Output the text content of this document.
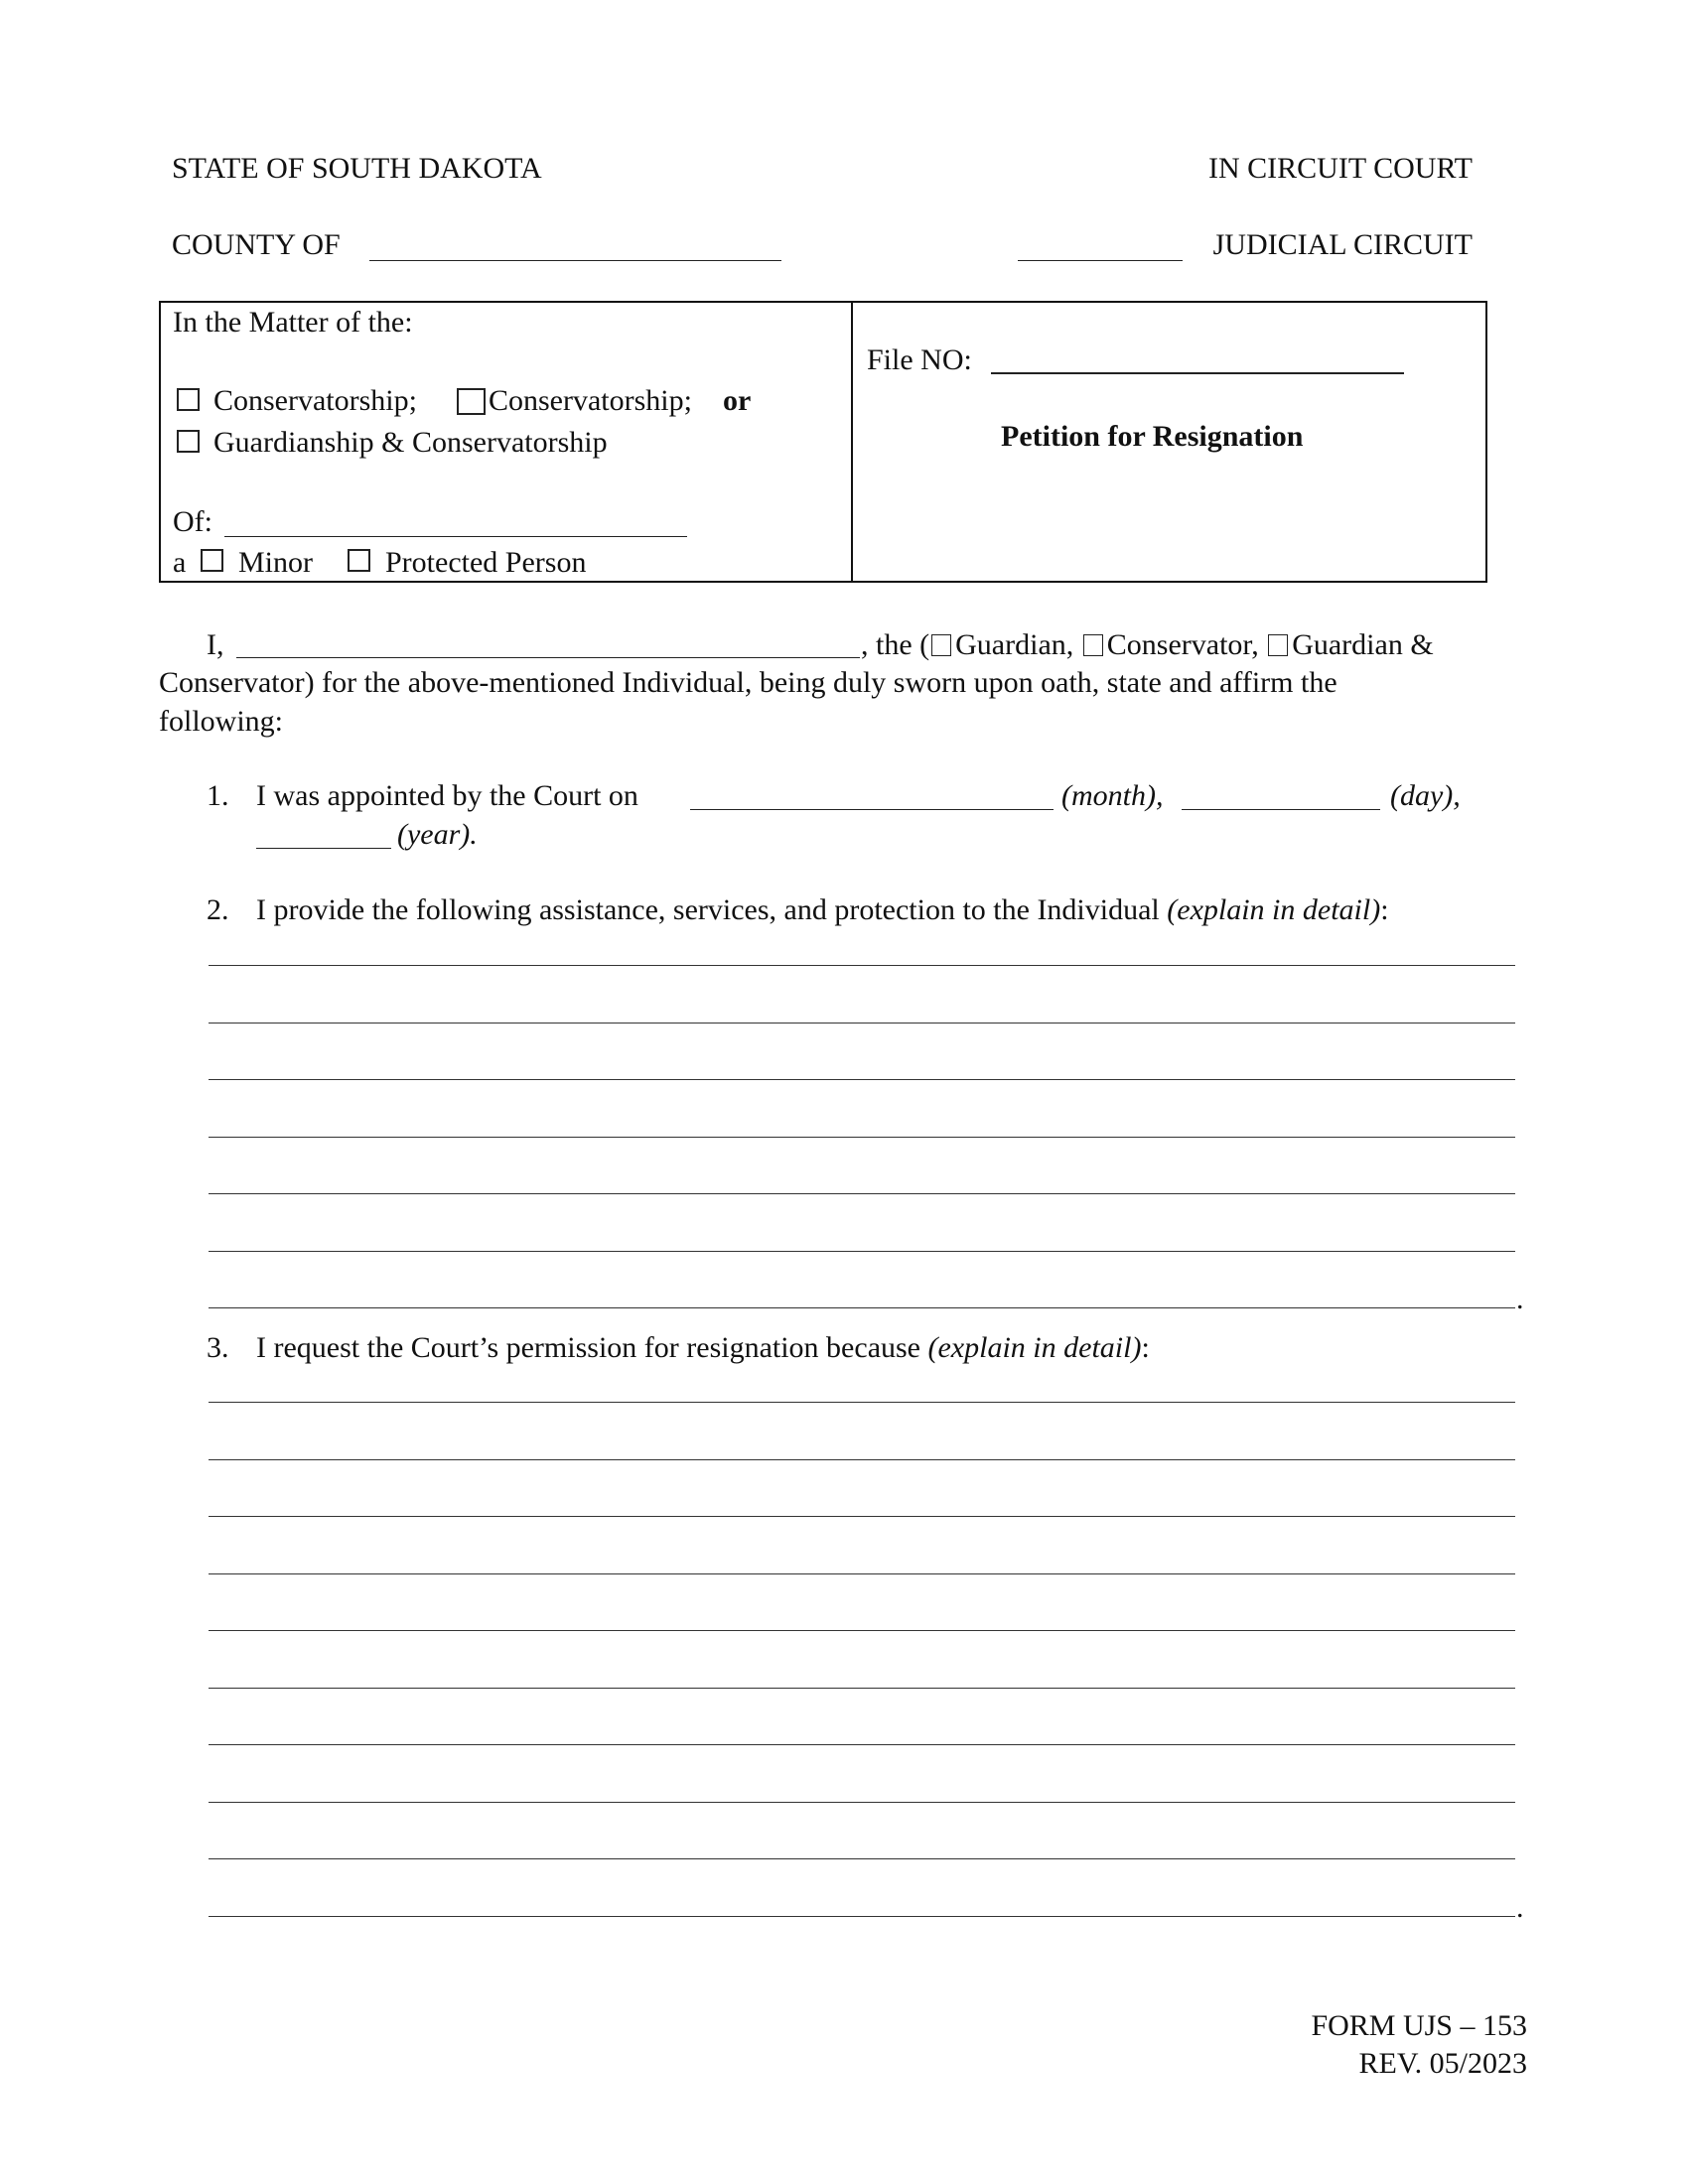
STATE OF SOUTH DAKOTA	IN CIRCUIT COURT
COUNTY OF	JUDICIAL CIRCUIT
In the Matter of the:
Conservatorship; Conservatorship; or
Guardianship & Conservatorship
Of:
a Minor Protected Person
File NO:
Petition for Resignation
I,	, the ( Guardian, Conservator, Guardian &
Conservator) for the above-mentioned Individual, being duly sworn upon oath, state and affirm the
following:
1. I was appointed by the Court on	(month),	(day),
(year).
2. I provide the following assistance, services, and protection to the Individual (explain in detail):
.
3. I request the Court’s permission for resignation because (explain in detail):
.
FORM UJS – 153
REV. 05/2023
